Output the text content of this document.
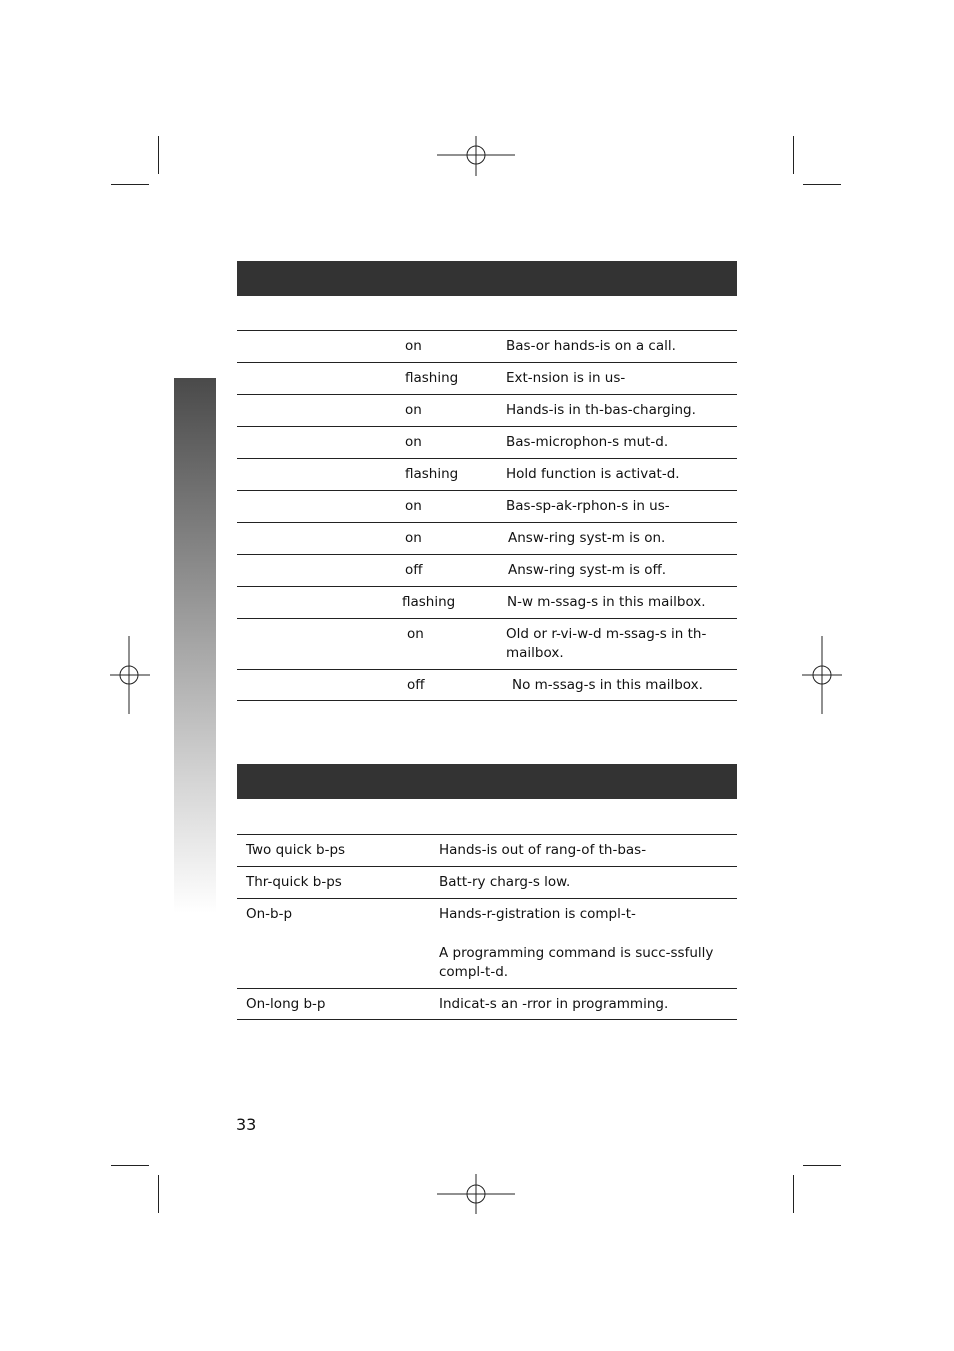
on	Bas-or hands-is on a call.
flashing	Ext-nsion is in us-
on	Hands-is in th-bas-charging.
on	Bas-microphon-s mut-d.
flashing	Hold function is activat-d.
on	Bas-sp-ak-rphon-s in us-
on	Answ-ring syst-m is on.
off	Answ-ring syst-m is off.
flashing	N-w m-ssag-s in this mailbox.
on	Old or r-vi-w-d m-ssag-s in th- mailbox.
off	No m-ssag-s in this mailbox.
Two quick b-ps	Hands-is out of rang-of th-bas-
Thr-quick b-ps	Batt-ry charg-s low.
On-b-p	Hands-r-gistration is compl-t-
A programming command is succ-ssfully compl-t-d.
On-long b-p	Indicat-s an -rror in programming.
33
